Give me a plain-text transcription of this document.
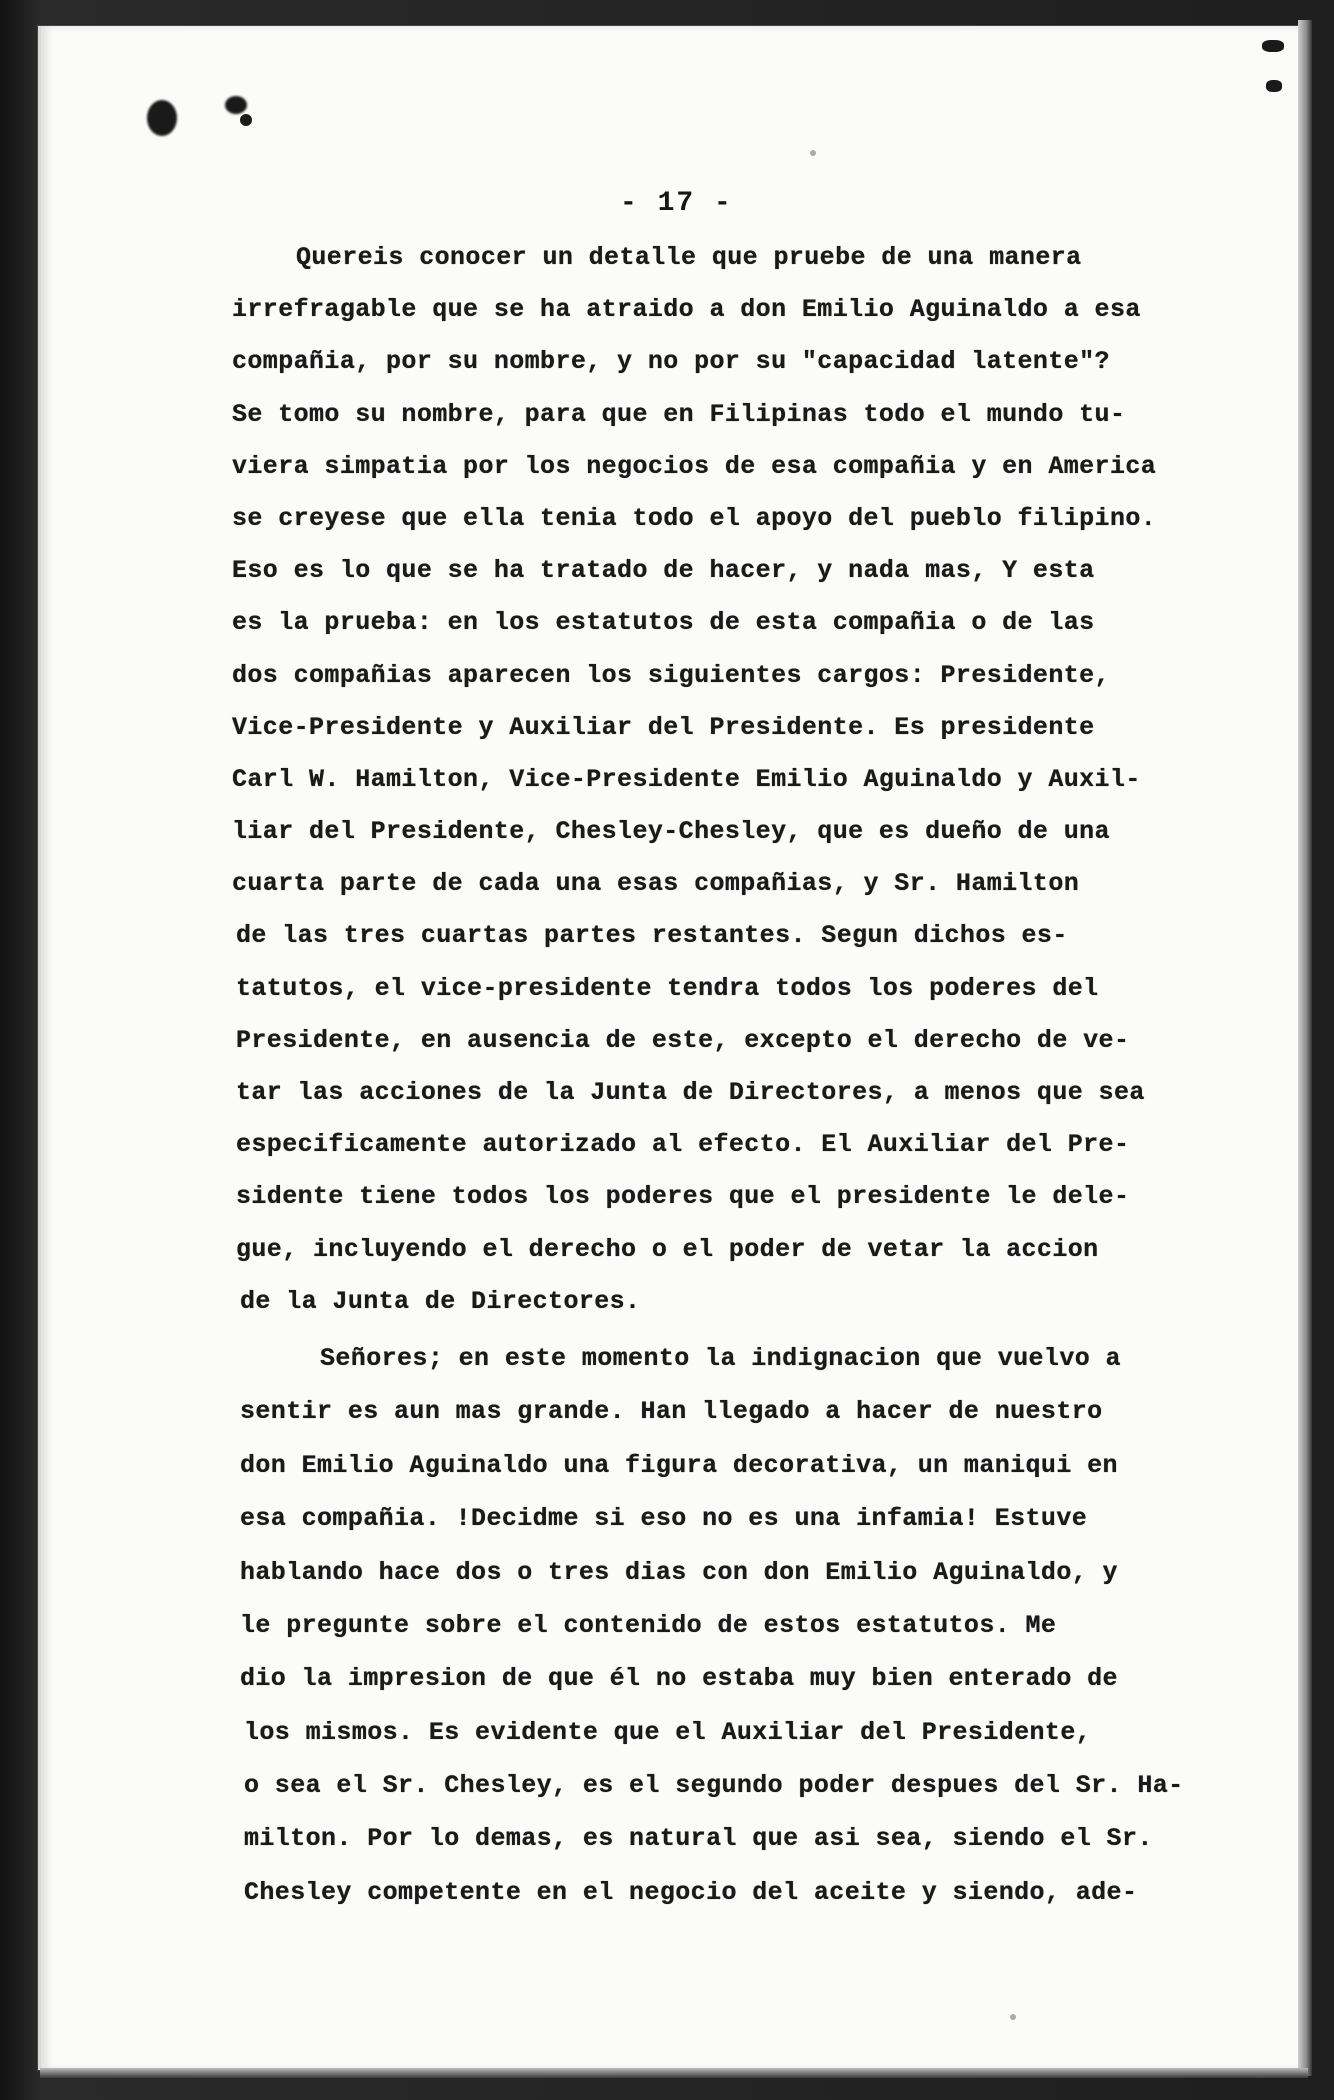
- 17 -
Quereis conocer un detalle que pruebe de una manera
irrefragable que se ha atraido a don Emilio Aguinaldo a esa
compañia, por su nombre, y no por su "capacidad latente"?
Se tomo su nombre, para que en Filipinas todo el mundo tu-
viera simpatia por los negocios de esa compañia y en America
se creyese que ella tenia todo el apoyo del pueblo filipino.
Eso es lo que se ha tratado de hacer, y nada mas, Y esta
es la prueba: en los estatutos de esta compañia o de las
dos compañias aparecen los siguientes cargos: Presidente,
Vice-Presidente y Auxiliar del Presidente. Es presidente
Carl W. Hamilton, Vice-Presidente Emilio Aguinaldo y Auxil-
liar del Presidente, Chesley-Chesley, que es dueño de una
cuarta parte de cada una esas compañias, y Sr. Hamilton
de las tres cuartas partes restantes. Segun dichos es-
tatutos, el vice-presidente tendra todos los poderes del
Presidente, en ausencia de este, excepto el derecho de ve-
tar las acciones de la Junta de Directores, a menos que sea
especificamente autorizado al efecto. El Auxiliar del Pre-
sidente tiene todos los poderes que el presidente le dele-
gue, incluyendo el derecho o el poder de vetar la accion
de la Junta de Directores.
Señores; en este momento la indignacion que vuelvo a
sentir es aun mas grande. Han llegado a hacer de nuestro
don Emilio Aguinaldo una figura decorativa, un maniqui en
esa compañia. !Decidme si eso no es una infamia! Estuve
hablando hace dos o tres dias con don Emilio Aguinaldo, y
le pregunte sobre el contenido de estos estatutos. Me
dio la impresion de que él no estaba muy bien enterado de
los mismos. Es evidente que el Auxiliar del Presidente,
o sea el Sr. Chesley, es el segundo poder despues del Sr. Ha-
milton. Por lo demas, es natural que asi sea, siendo el Sr.
Chesley competente en el negocio del aceite y siendo, ade-
